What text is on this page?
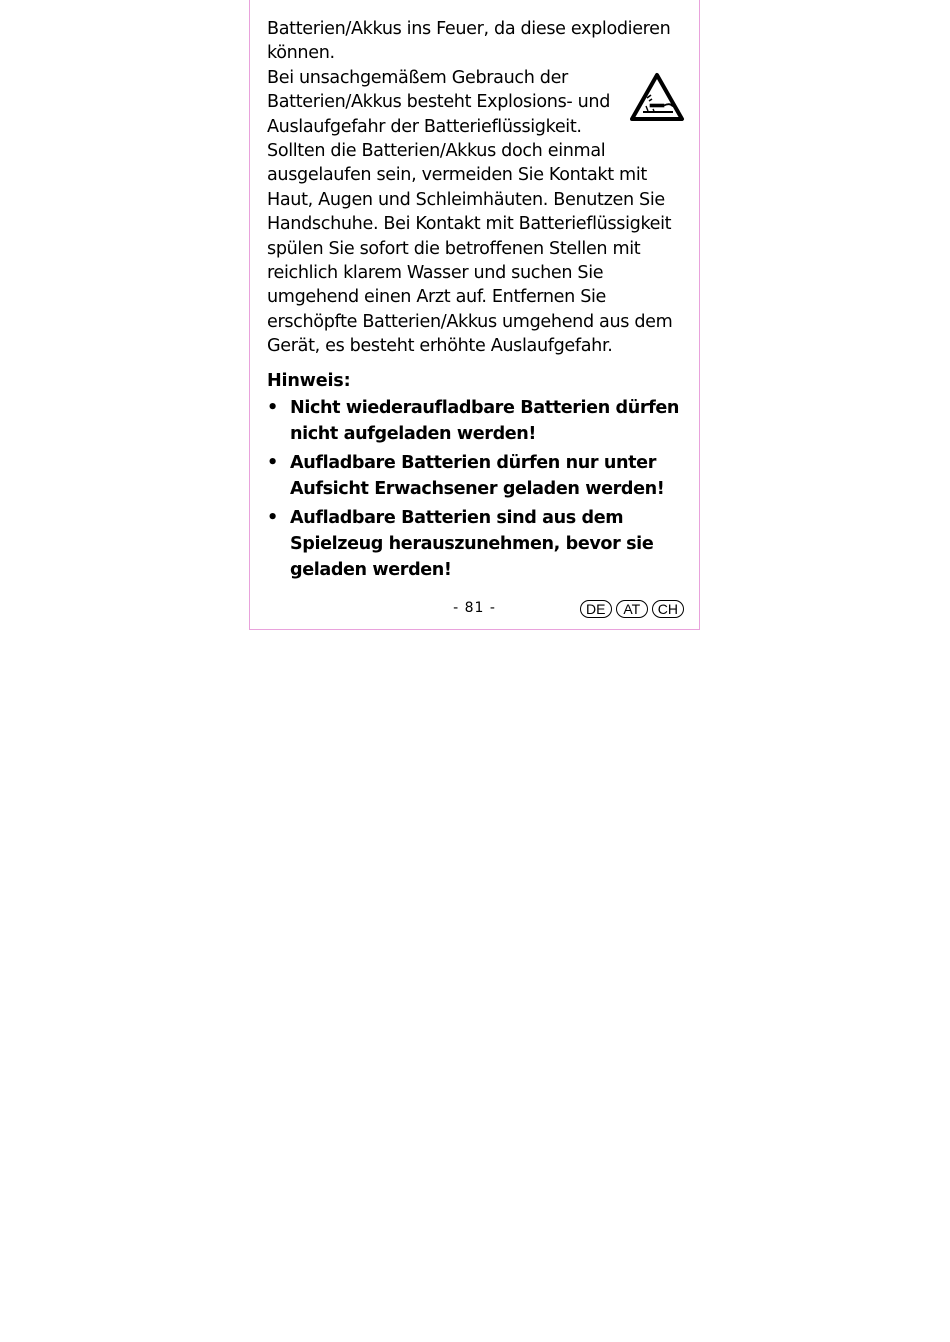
Batterien/Akkus ins Feuer, da diese explodieren können.

Bei unsachgemäßem Gebrauch der Batterien/Akkus besteht Explosions- und Auslaufgefahr der Batterieflüssigkeit.

Sollten die Batterien/Akkus doch einmal ausgelaufen sein, vermeiden Sie Kontakt mit Haut, Augen und Schleimhäuten. Benutzen Sie Handschuhe. Bei Kontakt mit Batterieflüssigkeit spülen Sie sofort die betroffenen Stellen mit reichlich klarem Wasser und suchen Sie umgehend einen Arzt auf. Entfernen Sie erschöpfte Batterien/Akkus umgehend aus dem Gerät, es besteht erhöhte Auslaufgefahr.

Hinweis:

• Nicht wiederaufladbare Batterien dürfen nicht aufgeladen werden!
• Aufladbare Batterien dürfen nur unter Aufsicht Erwachsener geladen werden!
• Aufladbare Batterien sind aus dem Spielzeug herauszunehmen, bevor sie geladen werden!
- 81 -	DE	AT	CH
